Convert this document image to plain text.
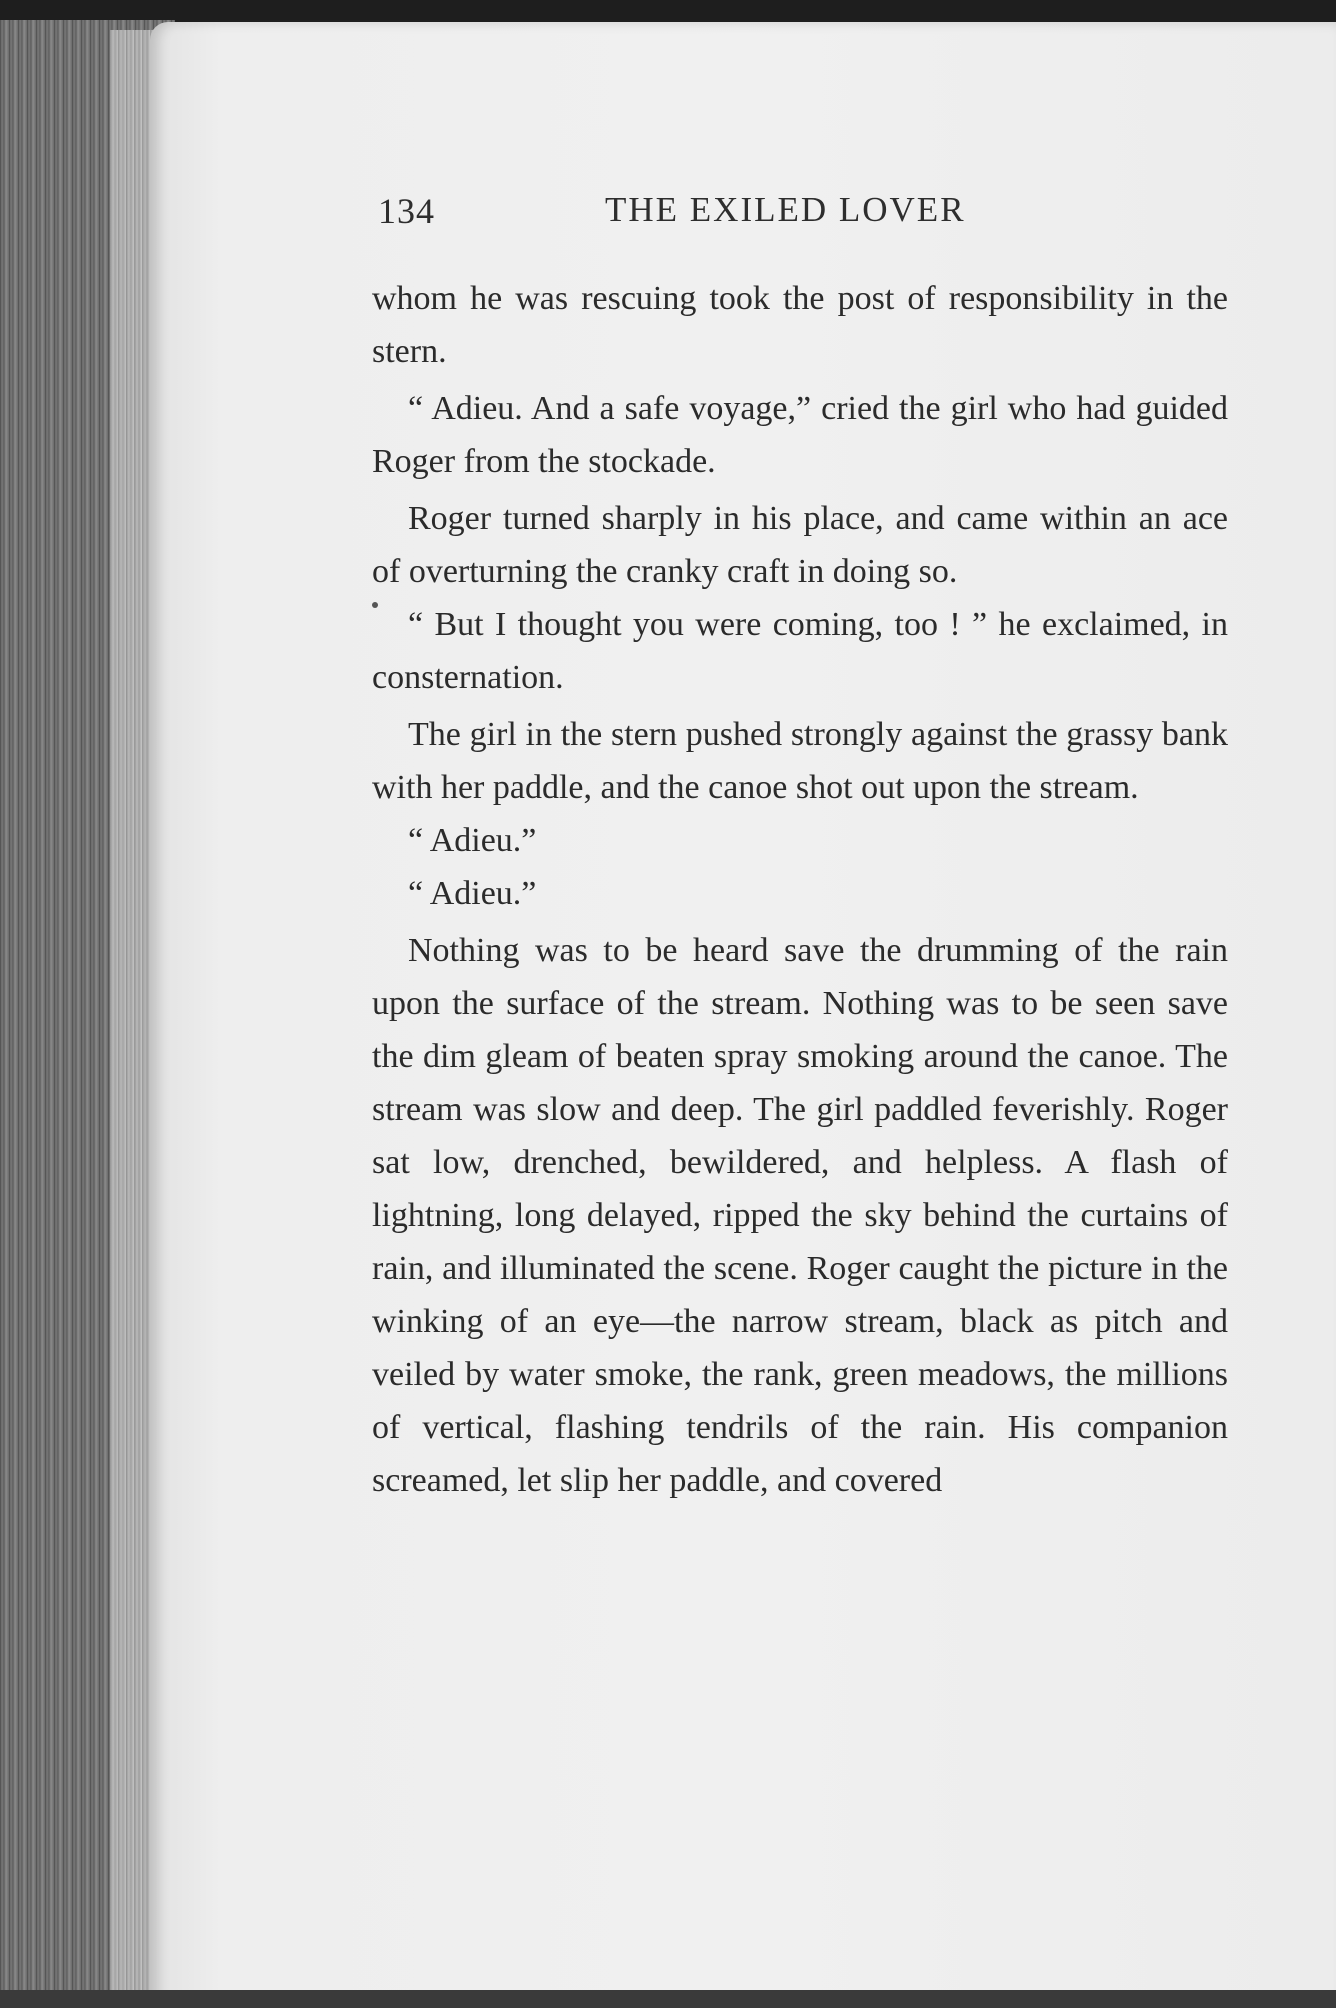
134	THE EXILED LOVER

whom he was rescuing took the post of responsibility in the stern.

“ Adieu. And a safe voyage,” cried the girl who had guided Roger from the stockade.

Roger turned sharply in his place, and came within an ace of overturning the cranky craft in doing so.

“ But I thought you were coming, too ! ” he exclaimed, in consternation.

The girl in the stern pushed strongly against the grassy bank with her paddle, and the canoe shot out upon the stream.

“ Adieu.”

“ Adieu.”

Nothing was to be heard save the drumming of the rain upon the surface of the stream. Nothing was to be seen save the dim gleam of beaten spray smoking around the canoe. The stream was slow and deep. The girl paddled feverishly. Roger sat low, drenched, bewildered, and helpless. A flash of lightning, long delayed, ripped the sky behind the curtains of rain, and illuminated the scene. Roger caught the picture in the winking of an eye—the narrow stream, black as pitch and veiled by water smoke, the rank, green meadows, the millions of vertical, flashing tendrils of the rain. His companion screamed, let slip her paddle, and covered
